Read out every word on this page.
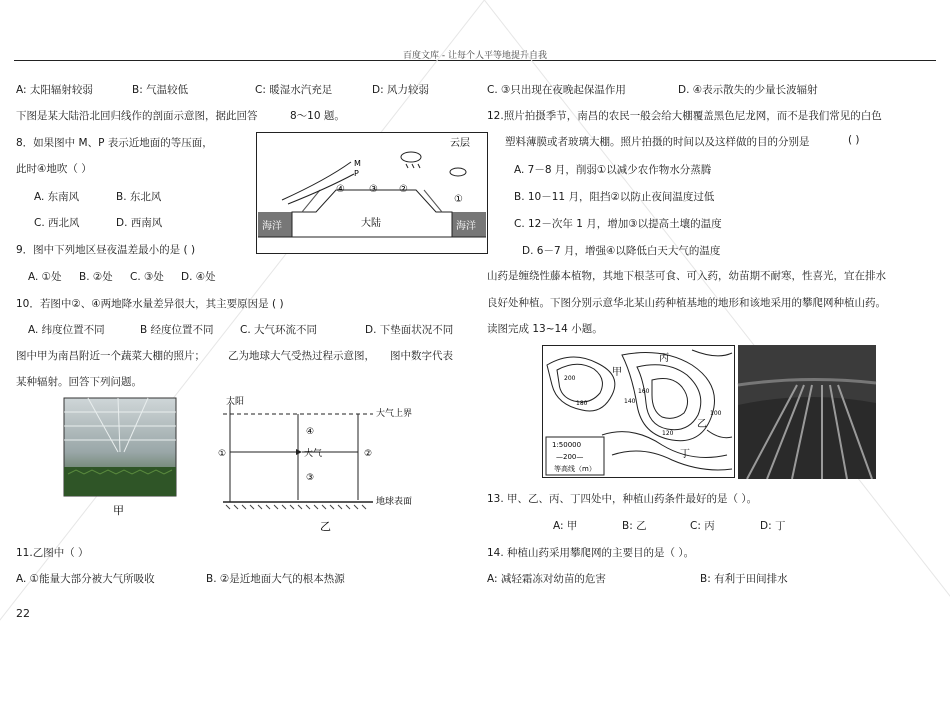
百度文库 - 让每个人平等地提升自我
A: 太阳辐射较弱	B: 气温较低	C: 暖湿水汽充足	D: 风力较弱
下图是某大陆沿北回归线作的剖面示意图，据此回答	8～10 题。
8．如果图中 M、P 表示近地面的等压面，
此时④地吹（ ）
A. 东南风	B. 东北风
C. 西北风	D. 西南风
9．图中下列地区昼夜温差最小的是 ( )
A. ①处 B. ②处 C. ③处 D. ④处
10．若图中②、④两地降水量差异很大，其主要原因是 ( )
A. 纬度位置不同	B 经度位置不同	C. 大气环流不同	D. 下垫面状况不同
图中甲为南昌附近一个蔬菜大棚的照片； 乙为地球大气受热过程示意图， 图中数字代表
某种辐射。回答下列问题。
云层
M
P
④ ③ ②
①
海洋	海洋
大陆
甲
太阳
大气上界
地球表面
①
④
大气
③
②
乙
11.乙图中（ ）
A. ①能量大部分被大气所吸收	B. ②是近地面大气的根本热源
22
C. ③只出现在夜晚起保温作用	D. ④表示散失的少量长波辐射
12.照片拍摄季节，南昌的农民一般会给大棚覆盖黑色尼龙网，而不是我们常见的白色
塑料薄膜或者玻璃大棚。照片拍摄的时间以及这样做的目的分别是	( )
A. 7－8 月，削弱①以减少农作物水分蒸腾
B. 10－11 月，阻挡②以防止夜间温度过低
C. 12－次年 1 月，增加③以提高土壤的温度
D. 6－7 月，增强④以降低白天大气的温度
山药是缠绕性藤本植物，其地下根茎可食、可入药，幼苗期不耐寒，性喜光，宜在排水
良好处种植。下图分别示意华北某山药种植基地的地形和该地采用的攀爬网种植山药。
读图完成 13~14 小题。
甲
丙
乙
丁
200
180
160
140
120
100
1:50000
—200—
等高线（m）
13. 甲、乙、丙、丁四处中，种植山药条件最好的是（ ）。
A: 甲	B: 乙	C: 丙	D: 丁
14. 种植山药采用攀爬网的主要目的是（ ）。
A: 减轻霜冻对幼苗的危害	B: 有利于田间排水
